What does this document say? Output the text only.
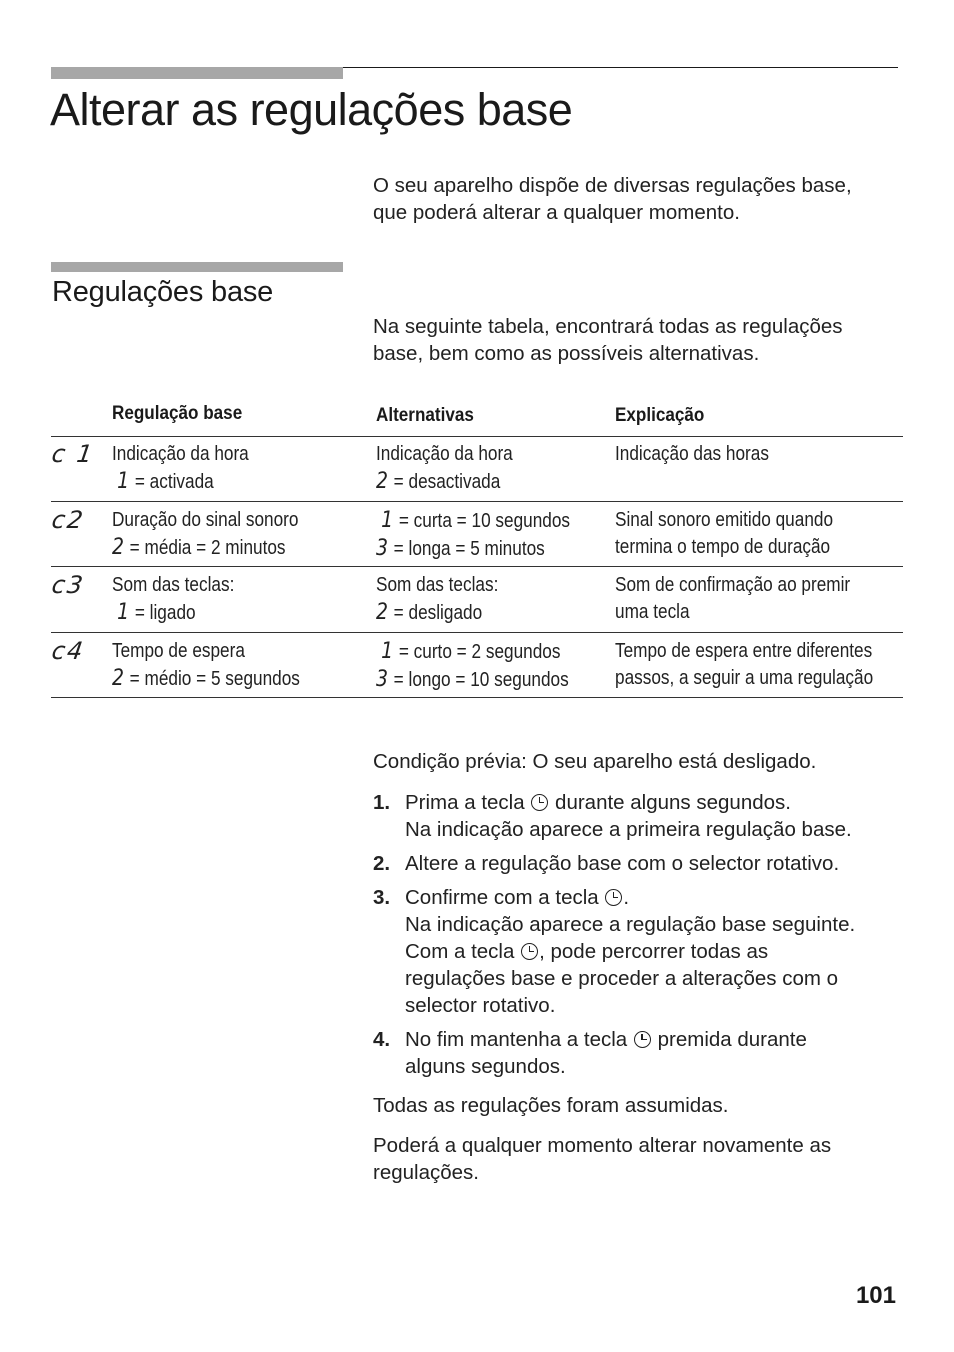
Alterar as regulações base
O seu aparelho dispõe de diversas regulações base,
que poderá alterar a qualquer momento.
Regulações base
Na seguinte tabela, encontrará todas as regulações
base, bem como as possíveis alternativas.
Regulação base	Alternativas	Explicação
c 1 Indicação da hora
1 = activada
Indicação da hora
2 = desactivada
Indicação das horas
c2 Duração do sinal sonoro
2 = média = 2 minutos
1 = curta = 10 segundos
3 = longa = 5 minutos
Sinal sonoro emitido quando
termina o tempo de duração
c3 Som das teclas:
1 = ligado
Som das teclas:
2 = desligado
Som de confirmação ao premir
uma tecla
c4 Tempo de espera
2 = médio = 5 segundos
1 = curto = 2 segundos
3 = longo = 10 segundos
Tempo de espera entre diferentes
passos, a seguir a uma regulação
Condição prévia: O seu aparelho está desligado.
1. Prima a tecla durante alguns segundos.
Na indicação aparece a primeira regulação base.
2. Altere a regulação base com o selector rotativo.
3. Confirme com a tecla .
Na indicação aparece a regulação base seguinte.
Com a tecla , pode percorrer todas as
regulações base e proceder a alterações com o
selector rotativo.
4. No fim mantenha a tecla premida durante
alguns segundos.
Todas as regulações foram assumidas.
Poderá a qualquer momento alterar novamente as
regulações.
101
